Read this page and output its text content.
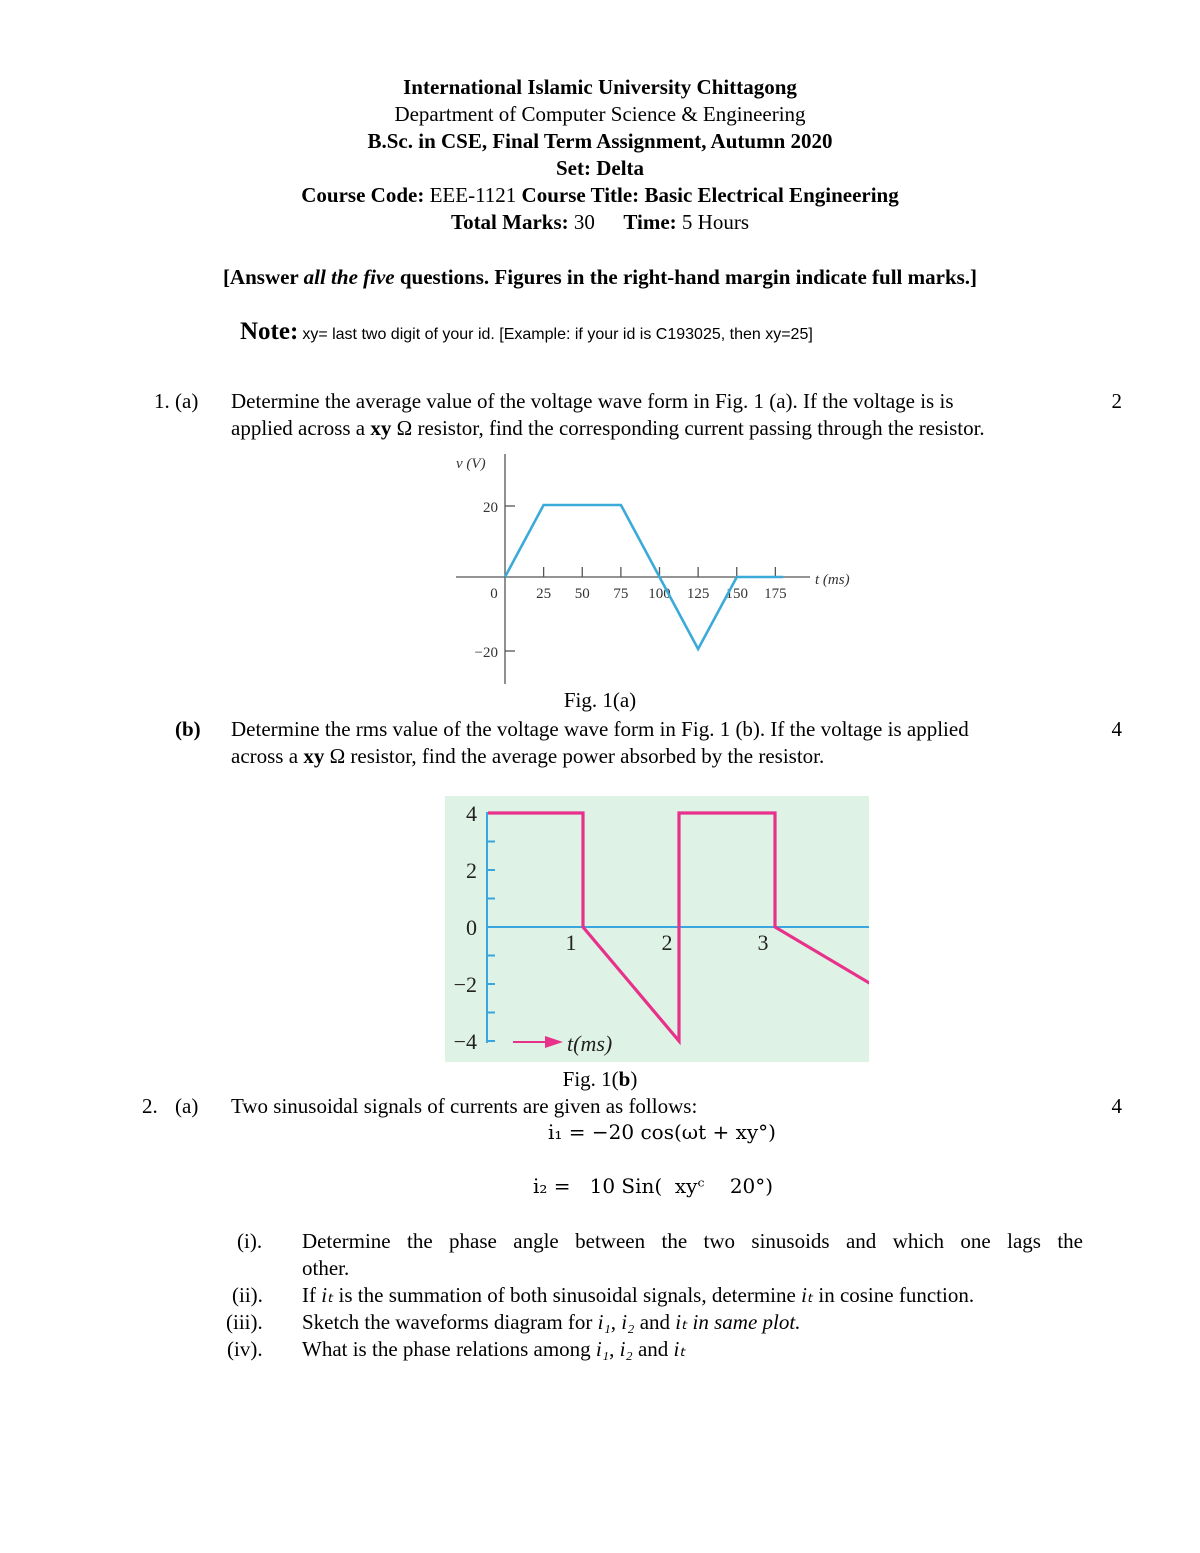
International Islamic University Chittagong
Department of Computer Science & Engineering
B.Sc. in CSE, Final Term Assignment, Autumn 2020
Set: Delta
Course Code: EEE-1121 Course Title: Basic Electrical Engineering
Total Marks: 30 Time: 5 Hours
[Answer all the five questions. Figures in the right-hand margin indicate full marks.]
Note: xy= last two digit of your id. [Example: if your id is C193025, then xy=25]
1. (a) Determine the average value of the voltage wave form in Fig. 1 (a). If the voltage is is
applied across a xy Ω resistor, find the corresponding current passing through the resistor.
2
20
−20
v (V)
0	25 50 75 100 125 150 175
t (ms)
Fig. 1(a)
(b) Determine the rms value of the voltage wave form in Fig. 1 (b). If the voltage is applied
across a xy Ω resistor, find the average power absorbed by the resistor.
4
4
2
0
−2
−4
1	2	3
t(ms)
Fig. 1(b)
2. (a) Two sinusoidal signals of currents are given as follows:	4
i₁ = −20 cos(ωt + xy°)
i₂ =   10 Sin(  xyᶜ    20°)
(i). Determine the phase angle between the two sinusoids and which one lags the
other.
(ii). If iₜ is the summation of both sinusoidal signals, determine iₜ in cosine function.
(iii). Sketch the waveforms diagram for i₁, i₂ and iₜ in same plot.
(iv). What is the phase relations among i₁, i₂ and iₜ
